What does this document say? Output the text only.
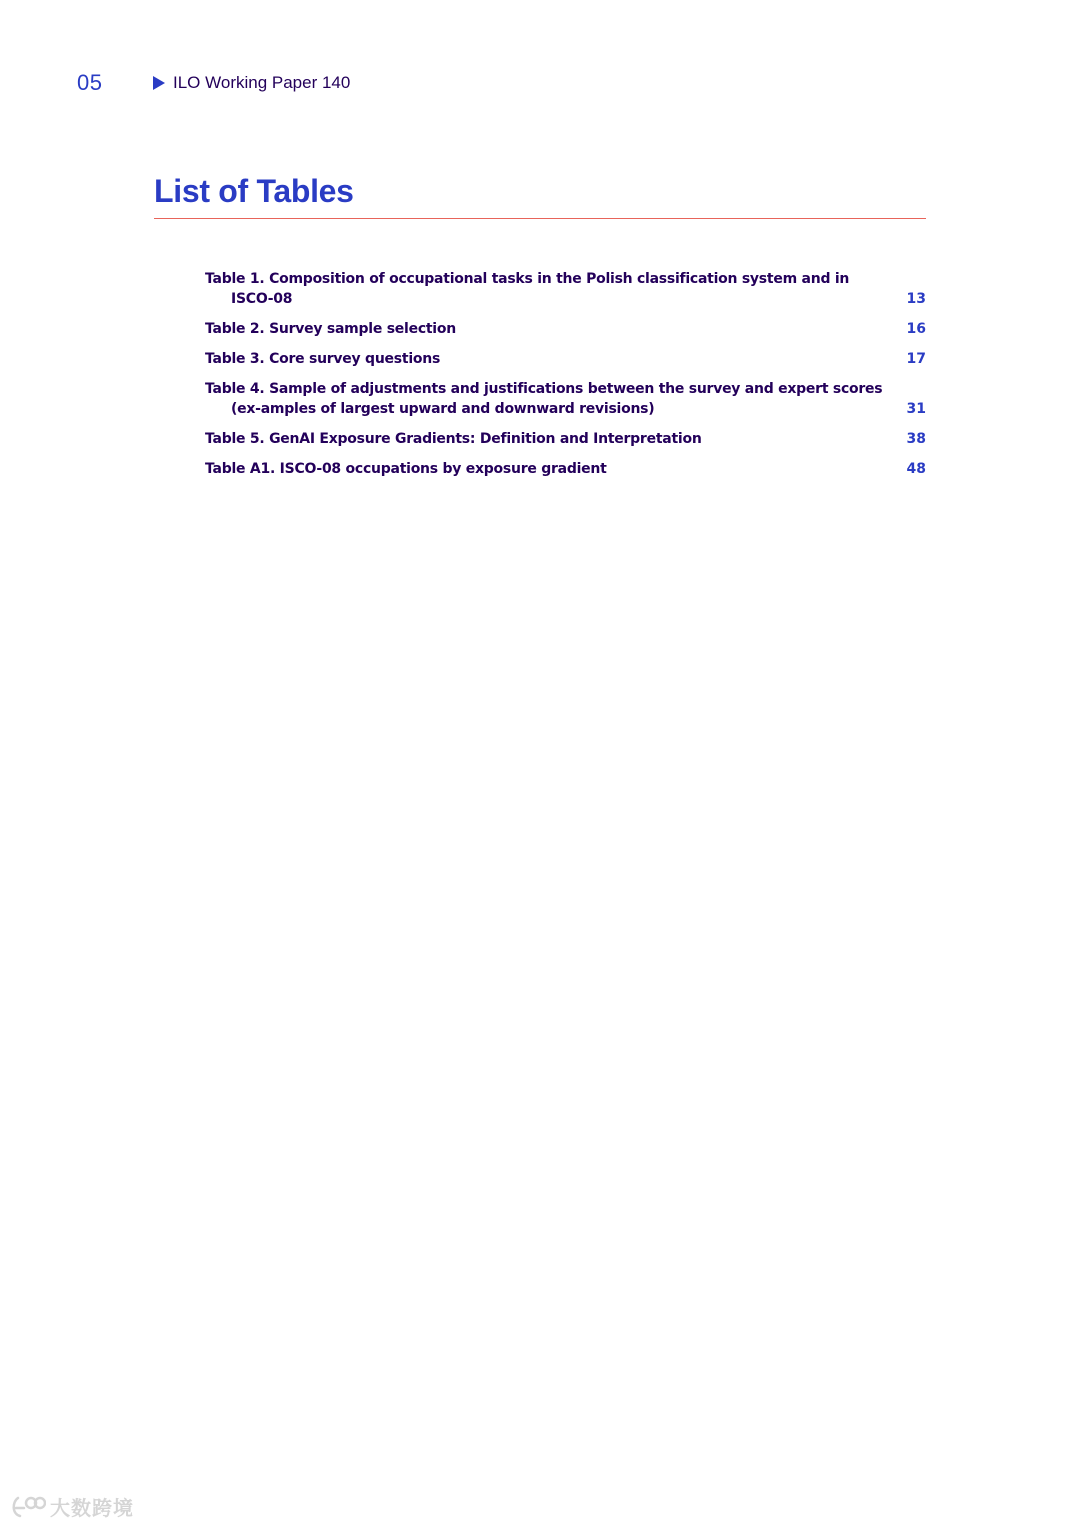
05	ILO Working Paper 140
List of Tables
Table 1. Composition of occupational tasks in the Polish classification system and in ISCO-08	13
Table 2. Survey sample selection	16
Table 3. Core survey questions	17
Table 4. Sample of adjustments and justifications between the survey and expert scores (ex-amples of largest upward and downward revisions)	31
Table 5. GenAI Exposure Gradients: Definition and Interpretation	38
Table A1. ISCO-08 occupations by exposure gradient	48
大数跨境
